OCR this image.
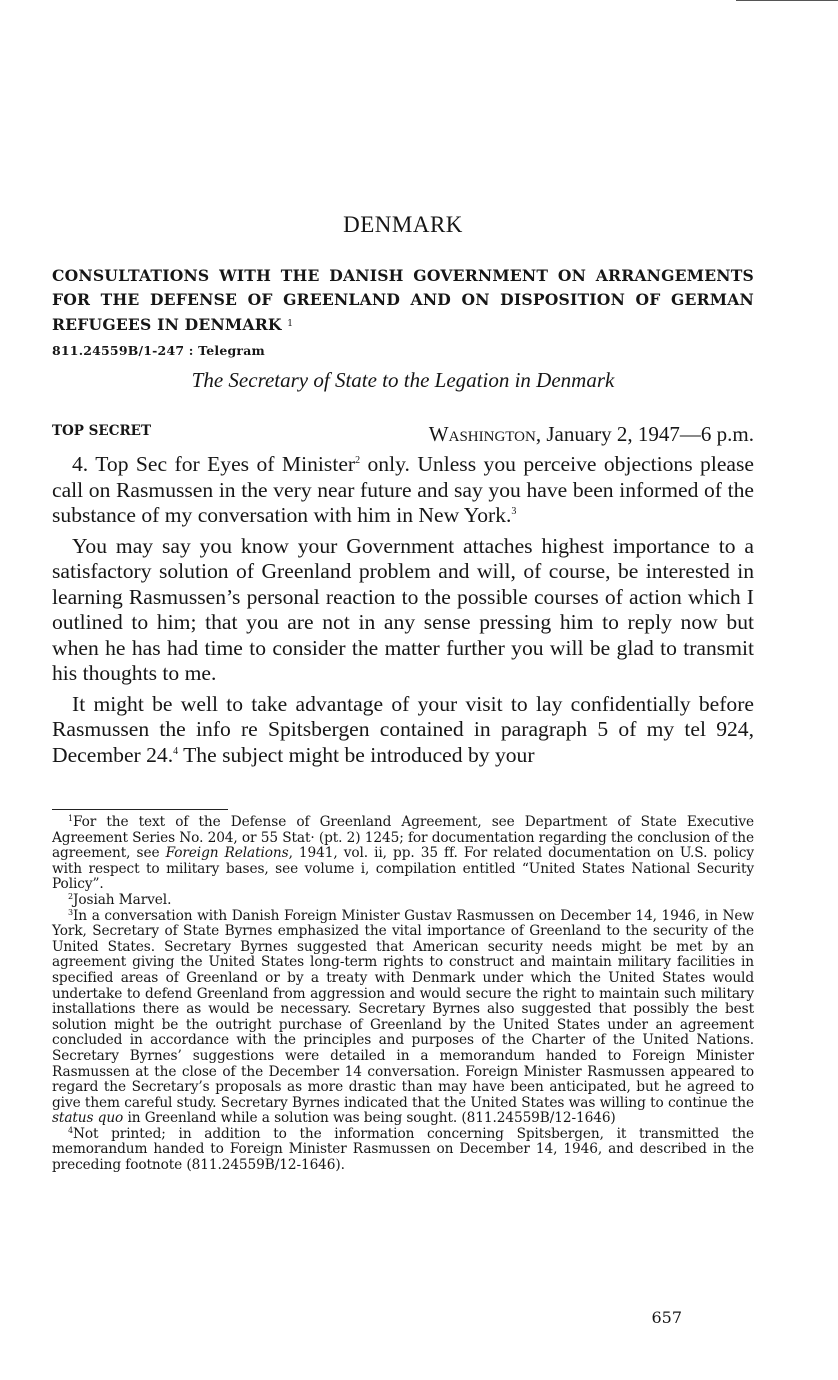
DENMARK

CONSULTATIONS WITH THE DANISH GOVERNMENT ON ARRANGEMENTS FOR THE DEFENSE OF GREENLAND AND ON DISPOSITION OF GERMAN REFUGEES IN DENMARK $^1$

811.24559B/1-247 : Telegram
The Secretary of State to the Legation in Denmark
TOP SECRET	Washington, January 2, 1947—6 p.m.

4. Top Sec for Eyes of Minister$^2$ only. Unless you perceive objections please call on Rasmussen in the very near future and say you have been informed of the substance of my conversation with him in New York.$^3$

You may say you know your Government attaches highest importance to a satisfactory solution of Greenland problem and will, of course, be interested in learning Rasmussen’s personal reaction to the possible courses of action which I outlined to him; that you are not in any sense pressing him to reply now but when he has had time to consider the matter further you will be glad to transmit his thoughts to me.

It might be well to take advantage of your visit to lay confidentially before Rasmussen the info re Spitsbergen contained in paragraph 5 of my tel 924, December 24.$^4$ The subject might be introduced by your

$^1$For the text of the Defense of Greenland Agreement, see Department of State Executive Agreement Series No. 204, or 55 Stat· (pt. 2) 1245; for documentation regarding the conclusion of the agreement, see Foreign Relations, 1941, vol. ii, pp. 35 ff. For related documentation on U.S. policy with respect to military bases, see volume i, compilation entitled “United States National Security Policy”.

$^2$Josiah Marvel.

$^3$In a conversation with Danish Foreign Minister Gustav Rasmussen on December 14, 1946, in New York, Secretary of State Byrnes emphasized the vital importance of Greenland to the security of the United States. Secretary Byrnes suggested that American security needs might be met by an agreement giving the United States long-term rights to construct and maintain military facilities in specified areas of Greenland or by a treaty with Denmark under which the United States would undertake to defend Greenland from aggression and would secure the right to maintain such military installations there as would be necessary. Secretary Byrnes also suggested that possibly the best solution might be the outright purchase of Greenland by the United States under an agreement concluded in accordance with the principles and purposes of the Charter of the United Nations. Secretary Byrnes’ suggestions were detailed in a memorandum handed to Foreign Minister Rasmussen at the close of the December 14 conversation. Foreign Minister Rasmussen appeared to regard the Secretary’s proposals as more drastic than may have been anticipated, but he agreed to give them careful study. Secretary Byrnes indicated that the United States was willing to continue the status quo in Greenland while a solution was being sought. (811.24559B/12-1646)

$^4$Not printed; in addition to the information concerning Spitsbergen, it transmitted the memorandum handed to Foreign Minister Rasmussen on December 14, 1946, and described in the preceding footnote (811.24559B/12-1646).

657
